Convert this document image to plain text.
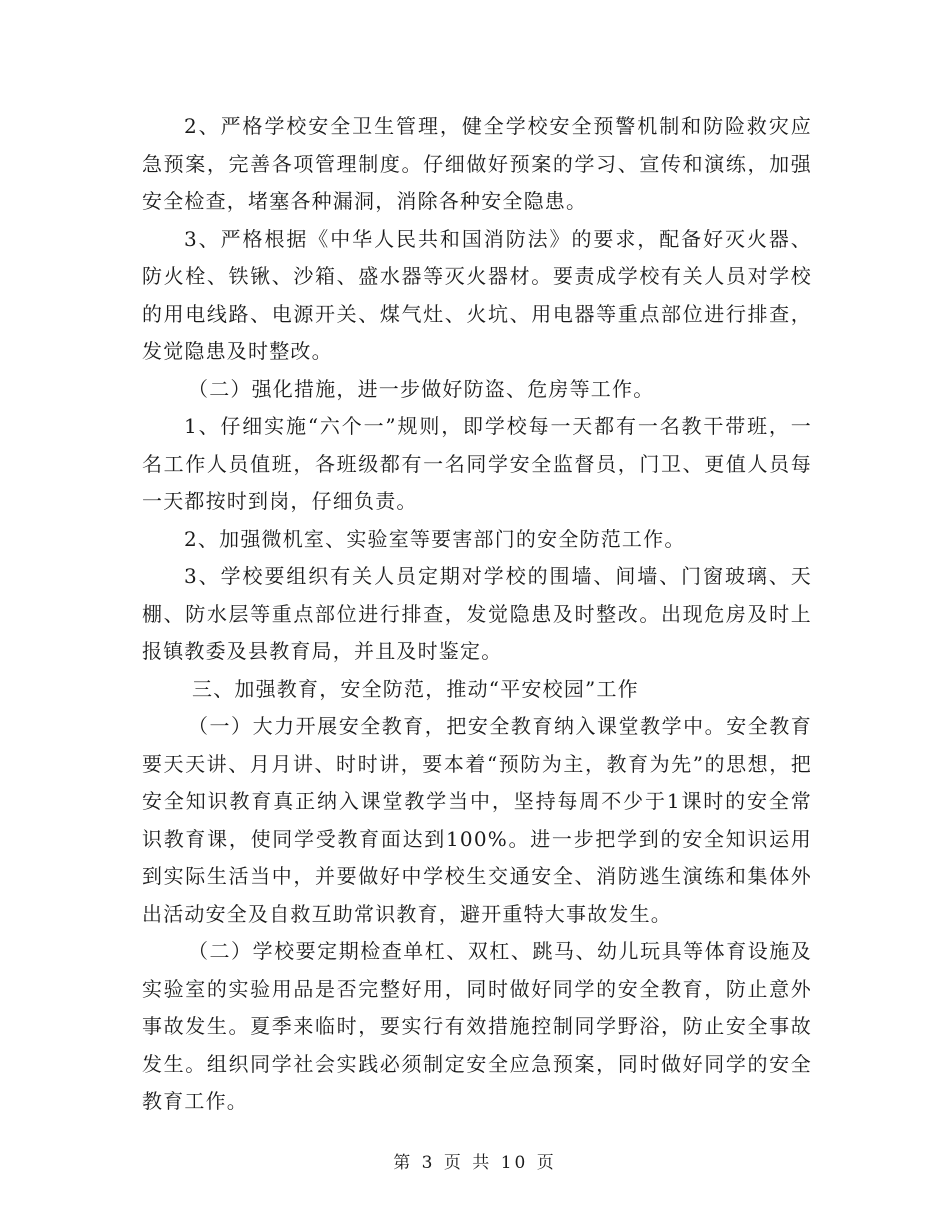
2、严格学校安全卫生管理，健全学校安全预警机制和防险救灾应急预案，完善各项管理制度。仔细做好预案的学习、宣传和演练，加强安全检查，堵塞各种漏洞，消除各种安全隐患。

3、严格根据《中华人民共和国消防法》的要求，配备好灭火器、防火栓、铁锹、沙箱、盛水器等灭火器材。要责成学校有关人员对学校的用电线路、电源开关、煤气灶、火坑、用电器等重点部位进行排查，发觉隐患及时整改。

（二）强化措施，进一步做好防盗、危房等工作。

1、仔细实施“六个一”规则，即学校每一天都有一名教干带班，一名工作人员值班，各班级都有一名同学安全监督员，门卫、更值人员每一天都按时到岗，仔细负责。

2、加强微机室、实验室等要害部门的安全防范工作。

3、学校要组织有关人员定期对学校的围墙、间墙、门窗玻璃、天棚、防水层等重点部位进行排查，发觉隐患及时整改。出现危房及时上报镇教委及县教育局，并且及时鉴定。

三、加强教育，安全防范，推动“平安校园”工作

（一）大力开展安全教育，把安全教育纳入课堂教学中。安全教育要天天讲、月月讲、时时讲，要本着“预防为主，教育为先”的思想，把安全知识教育真正纳入课堂教学当中，坚持每周不少于1课时的安全常识教育课，使同学受教育面达到100%。进一步把学到的安全知识运用到实际生活当中，并要做好中学校生交通安全、消防逃生演练和集体外出活动安全及自救互助常识教育，避开重特大事故发生。

（二）学校要定期检查单杠、双杠、跳马、幼儿玩具等体育设施及实验室的实验用品是否完整好用，同时做好同学的安全教育，防止意外事故发生。夏季来临时，要实行有效措施控制同学野浴，防止安全事故发生。组织同学社会实践必须制定安全应急预案，同时做好同学的安全教育工作。

第 3 页 共 10 页
